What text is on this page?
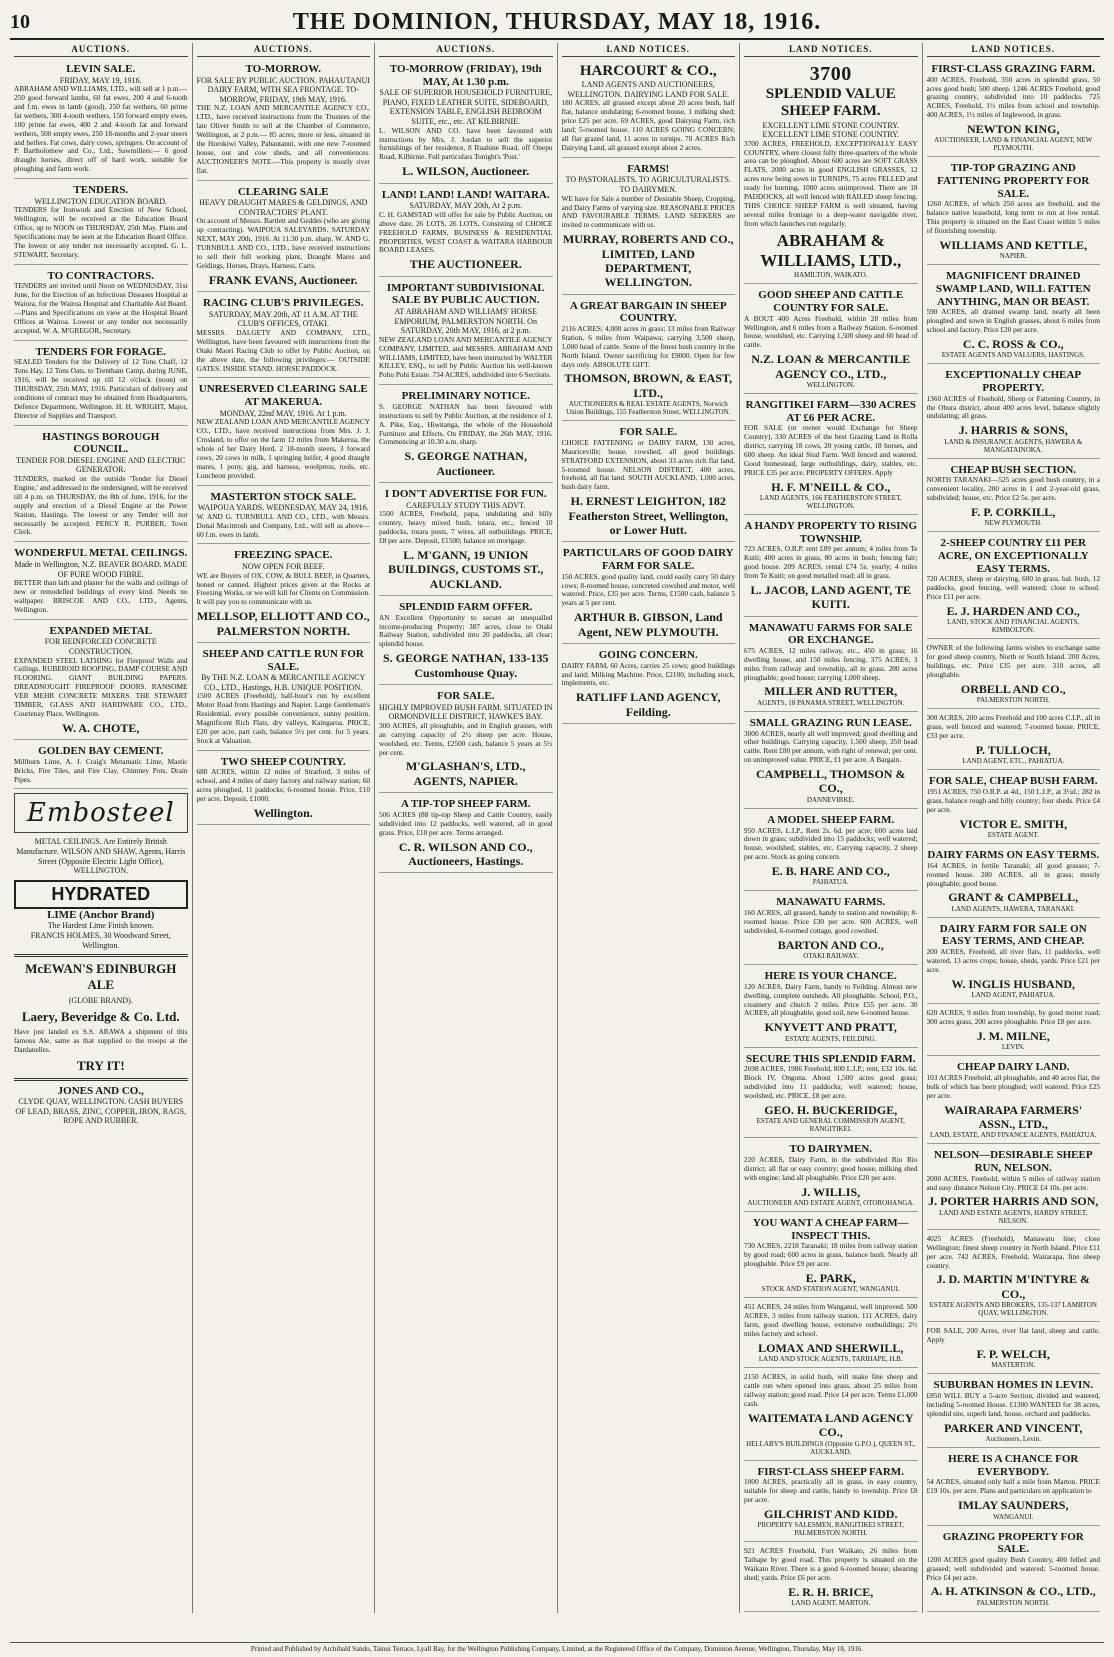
10	THE DOMINION, THURSDAY, MAY 18, 1916.
AUCTIONS.
LEVIN SALE.
FRIDAY, MAY 19, 1916.
ABRAHAM AND WILLIAMS, LTD., will sell at 1 p.m.— 250 good forward lambs, 60 fat ewes, 200 4 and 6-tooth and f.m. ewes in lamb (good), 250 fat wethers, 60 prime fat wethers, 300 4-tooth wethers, 150 forward empty ewes, 100 prime fat ewes, 400 2 and 4-tooth fat and forward wethers, 500 empty ewes, 250 18-months and 2-year steers and heifers. Fat cows, dairy cows, springers. On account of P. Bartholomew and Co., Ltd., Sawmillers:— 6 good draught horses, direct off of hard work, suitable for ploughing and farm work.
TENDERS.
WELLINGTON EDUCATION BOARD.
TENDERS for Ironwork and Erection of New School, Wellington, will be received at the Education Board Office, up to NOON on THURSDAY, 25th May. Plans and Specifications may be seen at the Education Board Office. The lowest or any tender not necessarily accepted. G. L. STEWART, Secretary.
TO CONTRACTORS.
TENDERS are invited until Noon on WEDNESDAY, 31st June, for the Erection of an Infectious Diseases Hospital at Waiora, for the Wairoa Hospital and Charitable Aid Board.—Plans and Specifications on view at the Hospital Board Offices at Wairoa. Lowest or any tender not necessarily accepted. W. A. M'GREGOR, Secretary.
TENDERS FOR FORAGE.
SEALED Tenders for the Delivery of 12 Tons Chaff, 12 Tons Hay, 12 Tons Oats, to Trentham Camp, during JUNE, 1916, will be received up till 12 o'clock (noon) on THURSDAY, 25th MAY, 1916. Particulars of delivery and conditions of contract may be obtained from Headquarters, Defence Department, Wellington. H. H. WRIGHT, Major, Director of Supplies and Transport.
HASTINGS BOROUGH COUNCIL.
TENDER FOR DIESEL ENGINE AND ELECTRIC GENERATOR.
TENDERS, marked on the outside 'Tender for Diesel Engine,' and addressed to the undersigned, will be received till 4 p.m. on THURSDAY, the 8th of June, 1916, for the supply and erection of a Diesel Engine at the Power Station, Hastings. The lowest or any Tender will not necessarily be accepted. PERCY R. PURBER, Town Clerk.
WONDERFUL METAL CEILINGS.
Made in Wellington, N.Z. BEAVER BOARD. MADE OF PURE WOOD FIBRE.
BETTER than lath and plaster for the walls and ceilings of new or remodelled buildings of every kind. Needs no wallpaper. BRISCOE AND CO., LTD., Agents, Wellington.
EXPANDED METAL
FOR REINFORCED CONCRETE CONSTRUCTION.
EXPANDED STEEL LATHING for Fireproof Walls and Ceilings. RUBEROID ROOFING, DAMP COURSE AND FLOORING. GIANT BUILDING PAPERS. DREADNOUGHT FIREPROOF DOORS. RANSOME VER MEHR CONCRETE MIXERS. THE STEWART TIMBER, GLASS AND HARDWARE CO., LTD., Courtenay Place, Wellington.
W. A. CHOTE,
GOLDEN BAY CEMENT.
Millburn Lime, A. J. Craig's Metamatic Lime, Mastic Bricks, Fire Tiles, and Fire Clay, Chimney Pots, Drain Pipes.
Embosteel
METAL CEILINGS. Are Entirely British Manufacture. WILSON AND SHAW, Agents, Harris Street (Opposite Electric Light Office), WELLINGTON.
HYDRATED
LIME (Anchor Brand)
The Hardest Lime Finish known.
FRANCIS HOLMES, 30 Woodward Street, Wellington.
McEWAN'S EDINBURGH ALE
(GLOBE BRAND).
Laery, Beveridge & Co. Ltd.
Have just landed ex S.S. ARAWA a shipment of this famous Ale, same as that supplied to the troops at the Dardanelles.
TRY IT!
JONES AND CO.,
CLYDE QUAY, WELLINGTON. CASH BUYERS OF LEAD, BRASS, ZINC, COPPER, IRON, RAGS, ROPE AND RUBBER.
AUCTIONS.
TO-MORROW.
FOR SALE BY PUBLIC AUCTION. PAHAUTANUI DAIRY FARM, WITH SEA FRONTAGE. TO-MORROW, FRIDAY, 19th MAY, 1916.
THE N.Z. LOAN AND MERCANTILE AGENCY CO., LTD., have received instructions from the Trustees of the late Oliver Smith to sell at the Chamber of Commerce, Wellington, at 2 p.m.— 85 acres, more or less, situated in the Horokiwi Valley, Pahautanui, with one new 7-roomed house, out and cow sheds, and all conveniences. AUCTIONEER'S NOTE.—This property is mostly river flat.
CLEARING SALE
HEAVY DRAUGHT MARES & GELDINGS, AND CONTRACTORS' PLANT.
On account of Messrs. Bartlett and Geddes (who are giving up contracting). WAIPOUA SALEYARDS. SATURDAY NEXT, MAY 20th, 1916. At 11.30 p.m. sharp. W. AND G. TURNBULL AND CO., LTD., have received instructions to sell their full working plant, Draught Mares and Geldings, Horses, Drays, Harness, Carts.
FRANK EVANS, Auctioneer.
RACING CLUB'S PRIVILEGES.
SATURDAY, MAY 20th, AT 11 A.M. AT THE CLUB'S OFFICES, OTAKI.
MESSRS. DALGETY AND COMPANY, LTD., Wellington, have been favoured with instructions from the Otaki Maori Racing Club to offer by Public Auction, on the above date, the following privileges:— OUTSIDE GATES. INSIDE STAND. HORSE PADDOCK.
UNRESERVED CLEARING SALE AT MAKERUA.
MONDAY, 22nd MAY, 1916. At 1 p.m.
NEW ZEALAND LOAN AND MERCANTILE AGENCY CO., LTD., have received instructions from Mrs. J. J. Crosland, to offer on the farm 12 miles from Makerua, the whole of her Dairy Herd, 2 18-month steers, 3 forward cows, 20 cows in milk, 1 springing heifer, 4 good draught mares, 1 pony, gig, and harness, woolpress, tools, etc. Luncheon provided.
MASTERTON STOCK SALE.
WAIPOUA YARDS. WEDNESDAY, MAY 24, 1916.
W. AND G. TURNBULL AND CO., LTD., with Messrs. Donal Macintosh and Company, Ltd., will sell as above— 60 f.m. ewes in lamb.
FREEZING SPACE.
NOW OPEN FOR BEEF.
WE are Buyers of OX, COW, & BULL BEEF, in Quarters, boned or canned. Highest prices given at the Rocks at Freezing Works, or we will kill for Clients on Commission. It will pay you to communicate with us.
MELLSOP, ELLIOTT AND CO., PALMERSTON NORTH.
SHEEP AND CATTLE RUN FOR SALE.
By THE N.Z. LOAN & MERCANTILE AGENCY CO., LTD., Hastings, H.B. UNIQUE POSITION.
1500 ACRES (Freehold), half-hour's run by excellent Motor Road from Hastings and Napier. Large Gentleman's Residential, every possible convenience, sunny position. Magnificent Rich Flats, dry valleys, Kaingaroa. PRICE, £20 per acre, part cash, balance 5½ per cent. for 5 years. Stock at Valuation.
TWO SHEEP COUNTRY.
680 ACRES, within 12 miles of Stratford, 3 miles of school, and 4 miles of dairy factory and railway station; 60 acres ploughed, 11 paddocks; 6-roomed house. Price, £10 per acre. Deposit, £1000.
Wellington.
AUCTIONS.
TO-MORROW (FRIDAY), 19th MAY, At 1.30 p.m.
SALE OF SUPERIOR HOUSEHOLD FURNITURE, PIANO, FIXED LEATHER SUITE, SIDEBOARD, EXTENSION TABLE, ENGLISH BEDROOM SUITE, etc., etc. AT KILBIRNIE.
L. WILSON AND CO. have been favoured with instructions by Mrs. J. Jordan to sell the superior furnishings of her residence, 8 Ruahine Road, off Onepu Road, Kilbirnie. Full particulars Tonight's 'Post.'
L. WILSON, Auctioneer.
LAND! LAND! LAND! WAITARA.
SATURDAY, MAY 20th, At 2 p.m.
C. H. GAMSTAD will offer for sale by Public Auction, on above date, 26 LOTS, 26 LOTS, Consisting of CHOICE FREEHOLD FARMS, BUSINESS & RESIDENTIAL PROPERTIES, WEST COAST & WAITARA HARBOUR BOARD LEASES.
THE AUCTIONEER.
IMPORTANT SUBDIVISIONAL SALE BY PUBLIC AUCTION.
AT ABRAHAM AND WILLIAMS' HORSE EMPORIUM, PALMERSTON NORTH. On SATURDAY, 20th MAY, 1916, at 2 p.m.
NEW ZEALAND LOAN AND MERCANTILE AGENCY COMPANY, LIMITED, and MESSRS. ABRAHAM AND WILLIAMS, LIMITED, have been instructed by WALTER KILLEY, ESQ., to sell by Public Auction his well-known Pohu Pohi Estate. 734 ACRES, subdivided into 6 Sections.
PRELIMINARY NOTICE.
S. GEORGE NATHAN has been favoured with instructions to sell by Public Auction, at the residence of J. A. Pike, Esq., Hiwitanga, the whole of the Household Furniture and Effects. On FRIDAY, the 26th MAY, 1916. Commencing at 10.30 a.m. sharp.
S. GEORGE NATHAN, Auctioneer.
I DON'T ADVERTISE FOR FUN.
CAREFULLY STUDY THIS ADVT.
1500 ACRES, Freehold, papa, undulating and hilly country, heavy mixed bush, totara, etc., fenced 10 paddocks, totara posts, 7 wires, all outbuildings. PRICE, £8 per acre. Deposit, £1500; balance on mortgage.
L. M'GANN, 19 UNION BUILDINGS, CUSTOMS ST., AUCKLAND.
SPLENDID FARM OFFER.
AN Excellent Opportunity to secure an unequalled income-producing Property; 387 acres, close to Otaki Railway Station, subdivided into 20 paddocks, all clear; splendid house.
S. GEORGE NATHAN, 133-135 Customhouse Quay.
FOR SALE.
HIGHLY IMPROVED BUSH FARM. SITUATED IN ORMONDVILLE DISTRICT, HAWKE'S BAY.
300 ACRES, all ploughable, and in English grasses, with an carrying capacity of 2½ sheep per acre. House, woolshed, etc. Terms, £2500 cash, balance 5 years at 5½ per cent.
M'GLASHAN'S, LTD., AGENTS, NAPIER.
A TIP-TOP SHEEP FARM.
506 ACRES (88 tip-top Sheep and Cattle Country, easily subdivided into 12 paddocks, well watered, all in good grass. Price, £10 per acre. Terms arranged.
C. R. WILSON AND CO., Auctioneers, Hastings.
LAND NOTICES.
HARCOURT & CO.,
LAND AGENTS AND AUCTIONEERS, WELLINGTON. DAIRYING LAND FOR SALE.
180 ACRES, all grassed except about 20 acres bush, half flat, balance undulating; 6-roomed house, 1 milking shed; price £25 per acre. 69 ACRES, good Dairying Farm, rich land; 5-roomed house. 110 ACRES GOING CONCERN; all flat grazed land, 11 acres in turnips. 70 ACRES Rich Dairying Land, all grassed except about 2 acres.
FARMS!
TO PASTORALISTS. TO AGRICULTURALISTS. TO DAIRYMEN.
WE have for Sale a number of Desirable Sheep, Cropping, and Dairy Farms of varying size. REASONABLE PRICES AND FAVOURABLE TERMS. LAND SEEKERS are invited to communicate with us.
MURRAY, ROBERTS AND CO., LIMITED, LAND DEPARTMENT, WELLINGTON.
A GREAT BARGAIN IN SHEEP COUNTRY.
2116 ACRES; 4,000 acres in grass; 13 miles from Railway Station, 6 miles from Waipawa; carrying 3,500 sheep, 1,000 head of cattle. Some of the finest bush country in the North Island. Owner sacrificing for £9000. Open for few days only. ABSOLUTE GIFT.
THOMSON, BROWN, & EAST, LTD.,
AUCTIONEERS & REAL ESTATE AGENTS, Norwich Union Buildings, 155 Featherston Street, WELLINGTON.
FOR SALE.
CHOICE FATTENING or DAIRY FARM, 130 acres, Mauriceville; house, cowshed, all good buildings. STRATFORD EXTENSION, about 33 acres rich flat land, 5-roomed house. NELSON DISTRICT, 400 acres, freehold, all flat land. SOUTH AUCKLAND, 1,000 acres, bush dairy farm.
H. ERNEST LEIGHTON, 182 Featherston Street, Wellington, or Lower Hutt.
PARTICULARS OF GOOD DAIRY FARM FOR SALE.
150 ACRES, good quality land, could easily carry 50 dairy cows; 8-roomed house, concreted cowshed and motor, well watered. Price, £35 per acre. Terms, £1500 cash, balance 5 years at 5 per cent.
ARTHUR B. GIBSON, Land Agent, NEW PLYMOUTH.
GOING CONCERN.
DAIRY FARM, 60 Acres, carries 25 cows; good buildings and land; Milking Machine. Price, £2100, including stock, implements, etc.
RATLIFF LAND AGENCY, Feilding.
LAND NOTICES.
3700
SPLENDID VALUE SHEEP FARM.
EXCELLENT LIME STONE COUNTRY. EXCELLENT LIME STONE COUNTRY.
3700 ACRES, FREEHOLD, EXCEPTIONALLY EASY COUNTRY, where closest fully three-quarters of the whole area can be ploughed. About 600 acres are SOFT GRASS FLATS, 2000 acres in good ENGLISH GRASSES, 12 acres now being sown in TURNIPS, 75 acres FELLED and ready for burning, 1000 acres unimproved. There are 18 PADDOCKS, all well fenced with RAILED sheep fencing. THIS CHOICE SHEEP FARM is well situated, having several miles frontage to a deep-water navigable river, from which launches run regularly.
ABRAHAM & WILLIAMS, LTD.,
HAMILTON, WAIKATO.
GOOD SHEEP AND CATTLE COUNTRY FOR SALE.
A BOUT 400 Acres Freehold, within 28 miles from Wellington, and 6 miles from a Railway Station. 6-roomed house, woolshed, etc. Carrying 1,500 sheep and 60 head of cattle.
N.Z. LOAN & MERCANTILE AGENCY CO., LTD.,
WELLINGTON.
RANGITIKEI FARM—330 ACRES AT £6 PER ACRE.
FOR SALE (or owner would Exchange for Sheep Country), 330 ACRES of the best Grazing Land in Rolla district, carrying 18 cows, 20 young cattle, 18 horses, and 600 sheep. An ideal Stud Farm. Well fenced and watered. Good homestead, large outbuildings, dairy, stables, etc. PRICE £35 per acre. PROPERTY OFFERS. Apply
H. F. M'NEILL & CO.,
LAND AGENTS, 166 FEATHERSTON STREET, WELLINGTON.
A HANDY PROPERTY TO RISING TOWNSHIP.
723 ACRES, O.R.P. rent £89 per annum; 4 miles from Te Kuiti; 400 acres in grass, 80 acres in bush; fencing fair; good house. 209 ACRES, rental £74 5s. yearly; 4 miles from Te Kuiti; on good metalled road; all in grass.
L. JACOB, LAND AGENT, TE KUITI.
MANAWATU FARMS FOR SALE OR EXCHANGE.
675 ACRES, 12 miles railway, etc., 450 in grass; 16 dwelling house, and 150 miles fencing. 375 ACRES, 3 miles from railway and township, all in grass. 200 acres ploughable; good house; carrying 1,000 sheep.
MILLER AND RUTTER,
AGENTS, 18 PANAMA STREET, WELLINGTON.
SMALL GRAZING RUN LEASE.
3000 ACRES, nearly all well improved; good dwelling and other buildings. Carrying capacity, 1,500 sheep, 250 head cattle. Rent £80 per annum, with right of renewal; per cent. on unimproved value. PRICE, £1 per acre. A Bargain.
CAMPBELL, THOMSON & CO.,
DANNEVIRKE.
A MODEL SHEEP FARM.
950 ACRES, L.I.P., Rent 2s. 6d. per acre; 600 acres laid down in grass; subdivided into 15 paddocks; well watered; house, woolshed, stables, etc. Carrying capacity, 2 sheep per acre. Stock as going concern.
E. B. HARE AND CO.,
PAHIATUA.
MANAWATU FARMS.
160 ACRES, all grassed, handy to station and township; 8-roomed house. Price £30 per acre. 600 ACRES, well subdivided, 6-roomed cottage, good cowshed.
BARTON AND CO.,
OTAKI RAILWAY.
HERE IS YOUR CHANCE.
120 ACRES, Dairy Farm, handy to Feilding. Almost new dwelling, complete outsheds. All ploughable. School, P.O., creamery and church 2 miles. Price £55 per acre. 30 ACRES, all ploughable, good soil, new 6-roomed house.
KNYVETT AND PRATT,
ESTATE AGENTS, FEILDING.
SECURE THIS SPLENDID FARM.
2698 ACRES, 1986 Freehold, 800 L.I.P.; rent, £32 10s. 6d. Block IV, Ongona. About 1,500 acres good grass; subdivided into 11 paddocks; well watered; house, woolshed, etc. PRICE, £8 per acre.
GEO. H. BUCKERIDGE,
ESTATE AND GENERAL COMMISSION AGENT, RANGITIKEI.
TO DAIRYMEN.
220 ACRES, Dairy Farm, in the subdivided Rio Rio district; all flat or easy country; good house, milking shed with engine; land all ploughable. Price £20 per acre.
J. WILLIS,
AUCTIONEER AND ESTATE AGENT, OTOROHANGA.
YOU WANT A CHEAP FARM—INSPECT THIS.
730 ACRES, 2218 Taranaki; 18 miles from railway station by good road; 600 acres in grass, balance bush. Nearly all ploughable. Price £9 per acre.
E. PARK,
STOCK AND STATION AGENT, WANGANUI.
451 ACRES, 24 miles from Wanganui, well improved. 500 ACRES, 3 miles from railway station. 111 ACRES, dairy farm, good dwelling house, extensive outbuildings; 2½ miles factory and school.
LOMAX AND SHERWILL,
LAND AND STOCK AGENTS, TARIHAPE, H.B.
2150 ACRES, in solid bush, will make fine sheep and cattle run when opened into grass, about 25 miles from railway station; good road. Price £4 per acre. Terms £1,000 cash.
WAITEMATA LAND AGENCY CO.,
HELLABY'S BUILDINGS (Opposite G.P.O.), QUEEN ST., AUCKLAND.
FIRST-CLASS SHEEP FARM.
1000 ACRES, practically all in grass, in easy country, suitable for sheep and cattle, handy to township. Price £8 per acre.
GILCHRIST AND KIDD.
PROPERTY SALESMEN, RANGITIKEI STREET, PALMERSTON NORTH.
921 ACRES Freehold, Fort Waikato, 26 miles from Taihape by good road. This property is situated on the Waikato River. There is a good 6-roomed house; shearing shed; yards. Price £6 per acre.
E. R. H. BRICE,
LAND AGENT, MARTON.
LAND NOTICES.
FIRST-CLASS GRAZING FARM.
400 ACRES, Freehold, 350 acres in splendid grass, 50 acres good bush; 500 sheep. 1246 ACRES Freehold, good grazing country, subdivided into 10 paddocks. 725 ACRES, Freehold, 1½ miles from school and township. 400 ACRES, 1½ miles of Inglewood, in grass.
NEWTON KING,
AUCTIONEER, LAND & FINANCIAL AGENT, NEW PLYMOUTH.
TIP-TOP GRAZING AND FATTENING PROPERTY FOR SALE.
1260 ACRES, of which 250 acres are freehold, and the balance native leasehold, long term to run at low rental. This property is situated on the East Coast within 5 miles of flourishing township.
WILLIAMS AND KETTLE,
NAPIER.
MAGNIFICENT DRAINED SWAMP LAND, WILL FATTEN ANYTHING, MAN OR BEAST.
590 ACRES, all drained swamp land, nearly all been ploughed and sown in English grasses, about 6 miles from school and factory. Price £20 per acre.
C. C. ROSS & CO.,
ESTATE AGENTS AND VALUERS, HASTINGS.
EXCEPTIONALLY CHEAP PROPERTY.
1360 ACRES of Freehold, Sheep or Fattening Country, in the Ohura district, about 400 acres level, balance slightly undulating; all grass.
J. HARRIS & SONS,
LAND & INSURANCE AGENTS, HAWERA & MANGATAINOKA.
CHEAP BUSH SECTION.
NORTH TARANAKI—525 acres good bush country, in a convenient locality, 200 acres in 1 and 2-year-old grass, subdivided; house, etc. Price £2 5s. per acre.
F. P. CORKILL,
NEW PLYMOUTH.
2-SHEEP COUNTRY £11 PER ACRE, ON EXCEPTIONALLY EASY TERMS.
720 ACRES, sheep or dairying, 600 in grass, bal. bush, 12 paddocks, good fencing, well watered; close to school. Price £11 per acre.
E. J. HARDEN AND CO.,
LAND, STOCK AND FINANCIAL AGENTS, KIMBOLTON.
OWNER of the following farms wishes to exchange same for good sheep country, North or South Island. 200 Acres, buildings, etc. Price £35 per acre. 310 acres, all ploughable.
ORBELL AND CO.,
PALMERSTON NORTH.
300 ACRES, 200 acres Freehold and 100 acres C.I.P., all in grass, well fenced and watered; 7-roomed house. PRICE, £33 per acre.
P. TULLOCH,
LAND AGENT, ETC., PAHIATUA.
FOR SALE, CHEAP BUSH FARM.
1951 ACRES, 750 O.R.P. at 4d., 150 L.I.P., at 3½d.; 282 in grass, balance rough and hilly country; four sheds. Price £4 per acre.
VICTOR E. SMITH,
ESTATE AGENT.
DAIRY FARMS ON EASY TERMS.
164 ACRES, in fertile Taranaki; all good grasses; 7-roomed house. 280 ACRES, all in grass; mostly ploughable; good house.
GRANT & CAMPBELL,
LAND AGENTS, HAWERA, TARANAKI.
DAIRY FARM FOR SALE ON EASY TERMS, AND CHEAP.
200 ACRES, Freehold, all river flats, 11 paddocks, well watered, 13 acres crops; house, sheds, yards. Price £21 per acre.
W. INGLIS HUSBAND,
LAND AGENT, PAHIATUA.
620 ACRES, 9 miles from township, by good motor road; 300 acres grass, 200 acres ploughable. Price £8 per acre.
J. M. MILNE,
LEVIN.
CHEAP DAIRY LAND.
103 ACRES Freehold, all ploughable, and 40 acres flat, the bulk of which has been ploughed; well watered. Price £25 per acre.
WAIRARAPA FARMERS' ASSN., LTD.,
LAND, ESTATE, AND FINANCE AGENTS, PAHIATUA.
NELSON—DESIRABLE SHEEP RUN, NELSON.
2000 ACRES, Freehold, within 5 miles of railway station and easy distance Nelson City. PRICE £4 10s. per acre.
J. PORTER HARRIS AND SON,
LAND AND ESTATE AGENTS, HARDY STREET, NELSON.
4025 ACRES (Freehold), Manawatu line; close Wellington; finest sheep country in North Island. Price £11 per acre. 742 ACRES, Freehold, Wairarapa, fine sheep country.
J. D. MARTIN M'INTYRE & CO.,
ESTATE AGENTS AND BROKERS, 135-137 LAMBTON QUAY, WELLINGTON.
FOR SALE, 200 Acres, river flat land, sheep and cattle. Apply
F. P. WELCH,
MASTERTON.
SUBURBAN HOMES IN LEVIN.
£850 WILL BUY a 5-acre Section, divided and watered, including 5-roomed House. £1300 WANTED for 38 acres, splendid site, superb land, house, orchard and paddocks.
PARKER AND VINCENT,
Auctioneers, Levin.
HERE IS A CHANCE FOR EVERYBODY.
54 ACRES, situated only half a mile from Marton. PRICE £19 10s. per acre. Plans and particulars on application to
IMLAY SAUNDERS,
WANGANUI.
GRAZING PROPERTY FOR SALE.
1200 ACRES good quality Bush Country, 400 felled and grassed; well subdivided and watered; 5-roomed house. Price £4 per acre.
A. H. ATKINSON & CO., LTD.,
PALMERSTON NORTH.
Printed and Published by Archibald Sando, Tainui Terrace, Lyall Bay, for the Wellington Publishing Company, Limited, at the Registered Office of the Company, Dominion Avenue, Wellington, Thursday, May 18, 1916.
